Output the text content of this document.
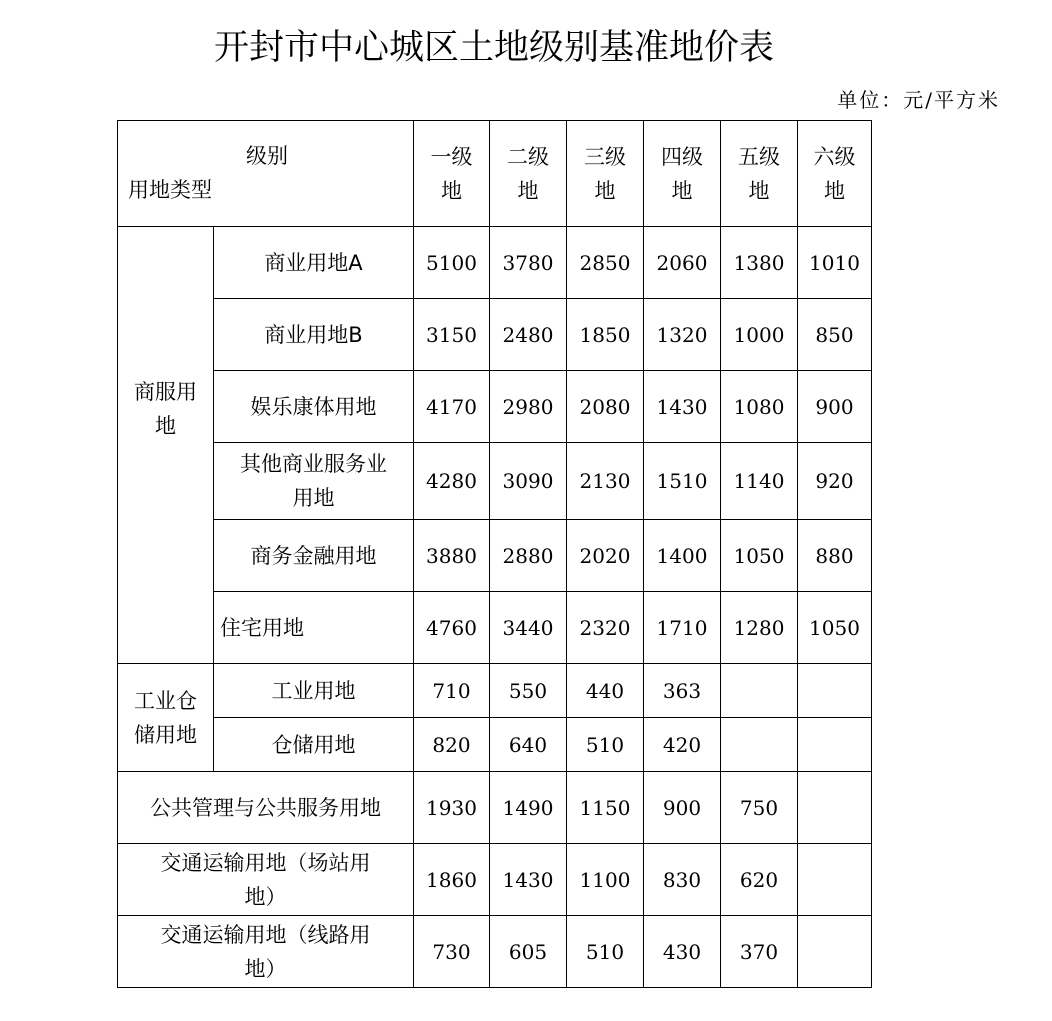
开封市中心城区土地级别基准地价表
单位：元/平方米
级别
用地类型		一级地	二级地	三级地	四级地	五级地	六级地

商服用地	商业用地A	5100	3780	2850	2060	1380	1010
	商业用地B	3150	2480	1850	1320	1000	850
	娱乐康体用地	4170	2980	2080	1430	1080	900

	其他商业服务业用地	4280	3090	2130	1510	1140	920
	商务金融用地	3880	2880	2020	1400	1050	880
	住宅用地	4760	3440	2320	1710	1280	1050

工业仓储用地	工业用地	710	550	440	363		
	仓储用地	820	640	510	420		
公共管理与公共服务用地		1930	1490	1150	900	750	

交通运输用地（场站用地）		1860	1430	1100	830	620	

交通运输用地（线路用地）		730	605	510	430	370	
